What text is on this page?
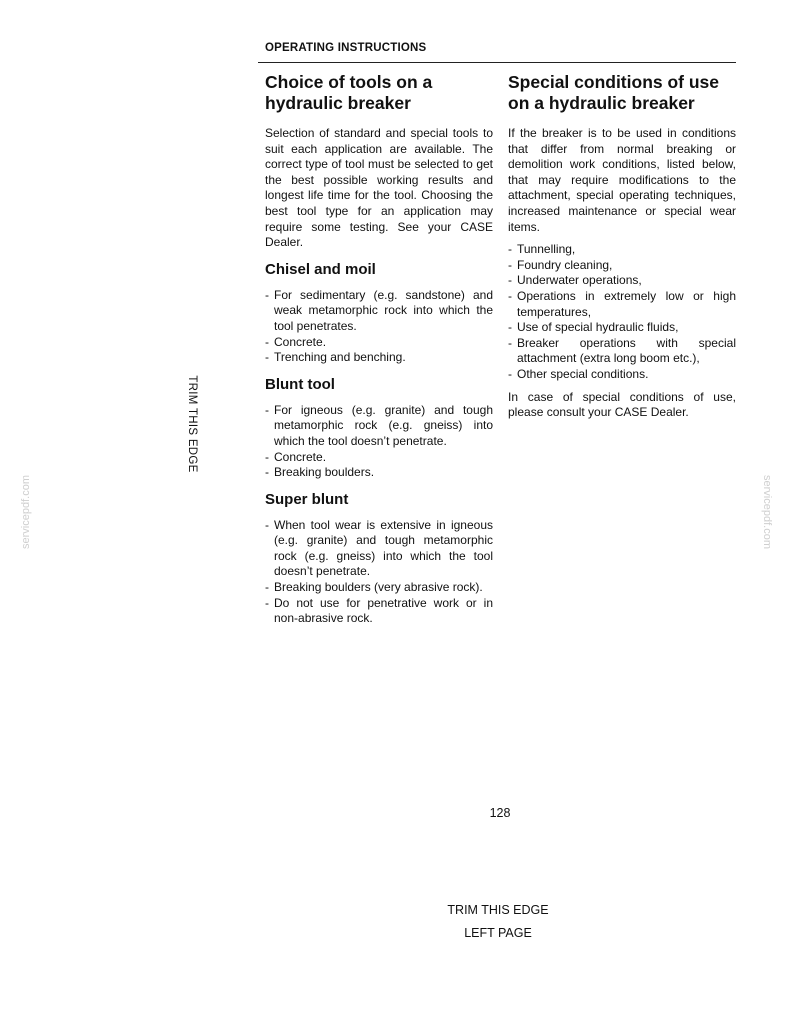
OPERATING INSTRUCTIONS
Choice of tools on a
hydraulic breaker

Selection of standard and special tools to suit each application are available. The correct type of tool must be selected to get the best possible working results and longest life time for the tool. Choosing the best tool type for an application may require some testing. See your CASE Dealer.

Chisel and moil
- For sedimentary (e.g. sandstone) and weak metamorphic rock into which the tool penetrates.
- Concrete.
- Trenching and benching.
Blunt tool
- For igneous (e.g. granite) and tough metamorphic rock (e.g. gneiss) into which the tool doesn’t penetrate.
- Concrete.
- Breaking boulders.
Super blunt
- When tool wear is extensive in igneous (e.g. granite) and tough metamorphic rock (e.g. gneiss) into which the tool doesn’t penetrate.
- Breaking boulders (very abrasive rock).
- Do not use for penetrative work or in non-abrasive rock.
Special conditions of use
on a hydraulic breaker

If the breaker is to be used in conditions that differ from normal breaking or demolition work conditions, listed below, that may require modifications to the attachment, special operating techniques, increased maintenance or special wear items.

- Tunnelling,
- Foundry cleaning,
- Underwater operations,
- Operations in extremely low or high temperatures,
- Use of special hydraulic fluids,
- Breaker operations with special attachment (extra long boom etc.),
- Other special conditions.

In case of special conditions of use, please consult your CASE Dealer.

TRIM THIS EDGE
servicepdf.com	servicepdf.com
128
TRIM THIS EDGE
LEFT PAGE
